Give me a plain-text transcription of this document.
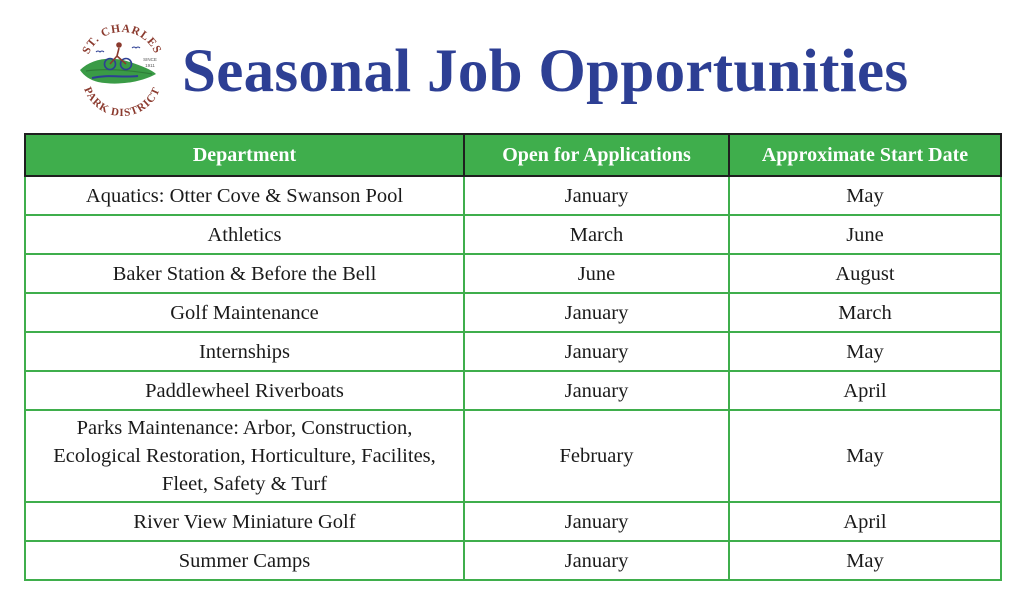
ST. CHARLES
PARK DISTRICT
SINCE
1911 Seasonal Job Opportunities
Department	Open for Applications	Approximate Start Date
Aquatics: Otter Cove & Swanson Pool	January	May
Athletics	March	June
Baker Station & Before the Bell	June	August
Golf Maintenance	January	March
Internships	January	May
Paddlewheel Riverboats	January	April
Parks Maintenance: Arbor, Construction, Ecological Restoration, Horticulture, Facilites, Fleet, Safety & Turf	February	May
River View Miniature Golf	January	April
Summer Camps	January	May
